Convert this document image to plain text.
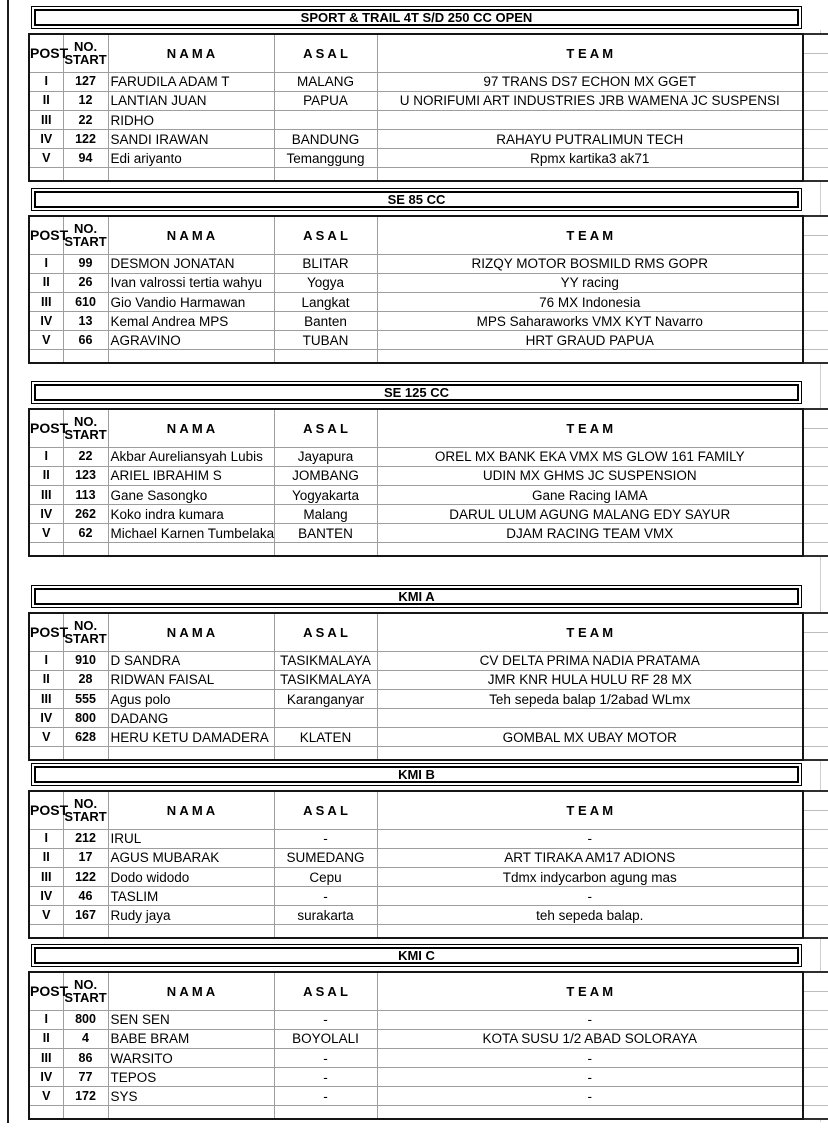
SPORT & TRAIL 4T S/D 250 CC OPEN
POST	NO.
START	N A M A	A S A L	T E A M

I	127	FARUDILA ADAM T	MALANG	97 TRANS DS7 ECHON MX GGET

II	12	LANTIAN JUAN	PAPUA	U NORIFUMI ART INDUSTRIES JRB WAMENA JC SUSPENSI

III	22	RIDHO		

IV	122	SANDI IRAWAN	BANDUNG	RAHAYU PUTRALIMUN TECH

V	94	Edi ariyanto	Temanggung	Rpmx kartika3 ak71

SE 85 CC
POST	NO.
START	N A M A	A S A L	T E A M

I	99	DESMON JONATAN	BLITAR	RIZQY MOTOR BOSMILD RMS GOPR

II	26	Ivan valrossi tertia wahyu	Yogya	YY racing

III	610	Gio Vandio Harmawan	Langkat	76 MX Indonesia

IV	13	Kemal Andrea MPS	Banten	MPS Saharaworks VMX KYT Navarro

V	66	AGRAVINO	TUBAN	HRT GRAUD PAPUA

SE 125 CC
POST	NO.
START	N A M A	A S A L	T E A M

I	22	Akbar Aureliansyah Lubis	Jayapura	OREL MX BANK EKA VMX MS GLOW 161 FAMILY

II	123	ARIEL IBRAHIM S	JOMBANG	UDIN MX GHMS JC SUSPENSION

III	113	Gane Sasongko	Yogyakarta	Gane Racing IAMA

IV	262	Koko indra kumara	Malang	DARUL ULUM AGUNG MALANG EDY SAYUR

V	62	Michael Karnen Tumbelaka	BANTEN	DJAM RACING TEAM VMX

KMI A
POST	NO.
START	N A M A	A S A L	T E A M

I	910	D SANDRA	TASIKMALAYA	CV DELTA PRIMA NADIA PRATAMA

II	28	RIDWAN FAISAL	TASIKMALAYA	JMR KNR HULA HULU RF 28 MX

III	555	Agus polo	Karanganyar	Teh sepeda balap 1/2abad WLmx

IV	800	DADANG		

V	628	HERU KETU DAMADERA	KLATEN	GOMBAL MX UBAY MOTOR

KMI B
POST	NO.
START	N A M A	A S A L	T E A M

I	212	IRUL	-	-

II	17	AGUS MUBARAK	SUMEDANG	ART TIRAKA AM17 ADIONS

III	122	Dodo widodo	Cepu	Tdmx indycarbon agung mas

IV	46	TASLIM	-	-

V	167	Rudy jaya	surakarta	teh sepeda balap.

KMI C
POST	NO.
START	N A M A	A S A L	T E A M

I	800	SEN SEN	-	-

II	4	BABE BRAM	BOYOLALI	KOTA SUSU 1/2 ABAD SOLORAYA

III	86	WARSITO	-	-

IV	77	TEPOS	-	-

V	172	SYS	-	-
